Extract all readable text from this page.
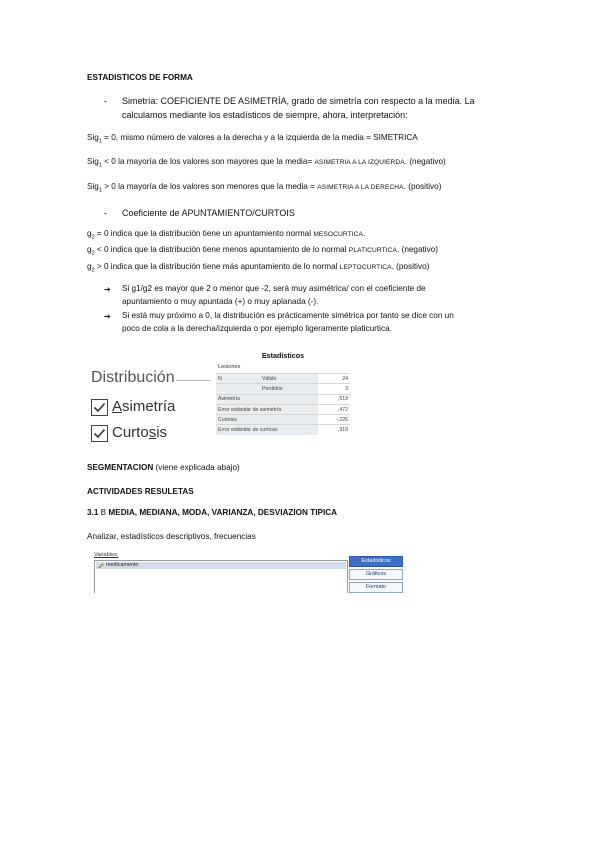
ESTADISTICOS DE FORMA
- Simetría: COEFICIENTE DE ASIMETRÍA, grado de simetría con respecto a la media. La
calculamos mediante los estadísticos de siempre, ahora, interpretación:
Sig$_1$ = 0, mismo número de valores a la derecha y a la izquierda de la media = SIMETRICA
Sig$_1$ < 0 la mayoría de los valores son mayores que la media= ASIMETRIA A LA IZQUIERDA. (negativo)
Sig$_1$ > 0 la mayoría de los valores son menores que la media = ASIMETRIA A LA DERECHA. (positivo)
- Coeficiente de APUNTAMIENTO/CURTOIS
$g_2 = 0$ indica que la distribución tiene un apuntamiento normal MESOCURTICA.
$g_2 < 0$ indica que la distribución tiene menos apuntamiento de lo normal PLATICURTICA. (negativo)
$g_2 > 0$ indica que la distribución tiene más apuntamiento de lo normal LEPTOCURTICA. (positivo)
➔ Si g1/g2 es mayor que 2 o menor que -2, será muy asimétrica/ con el coeficiente de
apuntamiento o muy apuntada (+) o muy aplanada (-).
➔ Si está muy próximo a 0, la distribución es prácticamente simétrica por tanto se dice con un
poco de cola a la derecha/izquierda o por ejemplo ligeramente platicurtica.
Distribución
Asimetría
Curtosis
Estadísticos
Lesiones
N	Válido	24
	Perdidos	3
Asimetría		,519
Error estándar de asimetría		,472
Curtosis		-,226
Error estándar de curtosis		,918
SEGMENTACION (viene explicada abajo)
ACTIVIDADES RESULETAS
3.1 B MEDIA, MEDIANA, MODA, VARIANZA, DESVIAZION TIPICA
Analizar, estadísticos descriptivos, frecuencias
Variables:
medicamento
Estadísticos
Gráficos
Formato
